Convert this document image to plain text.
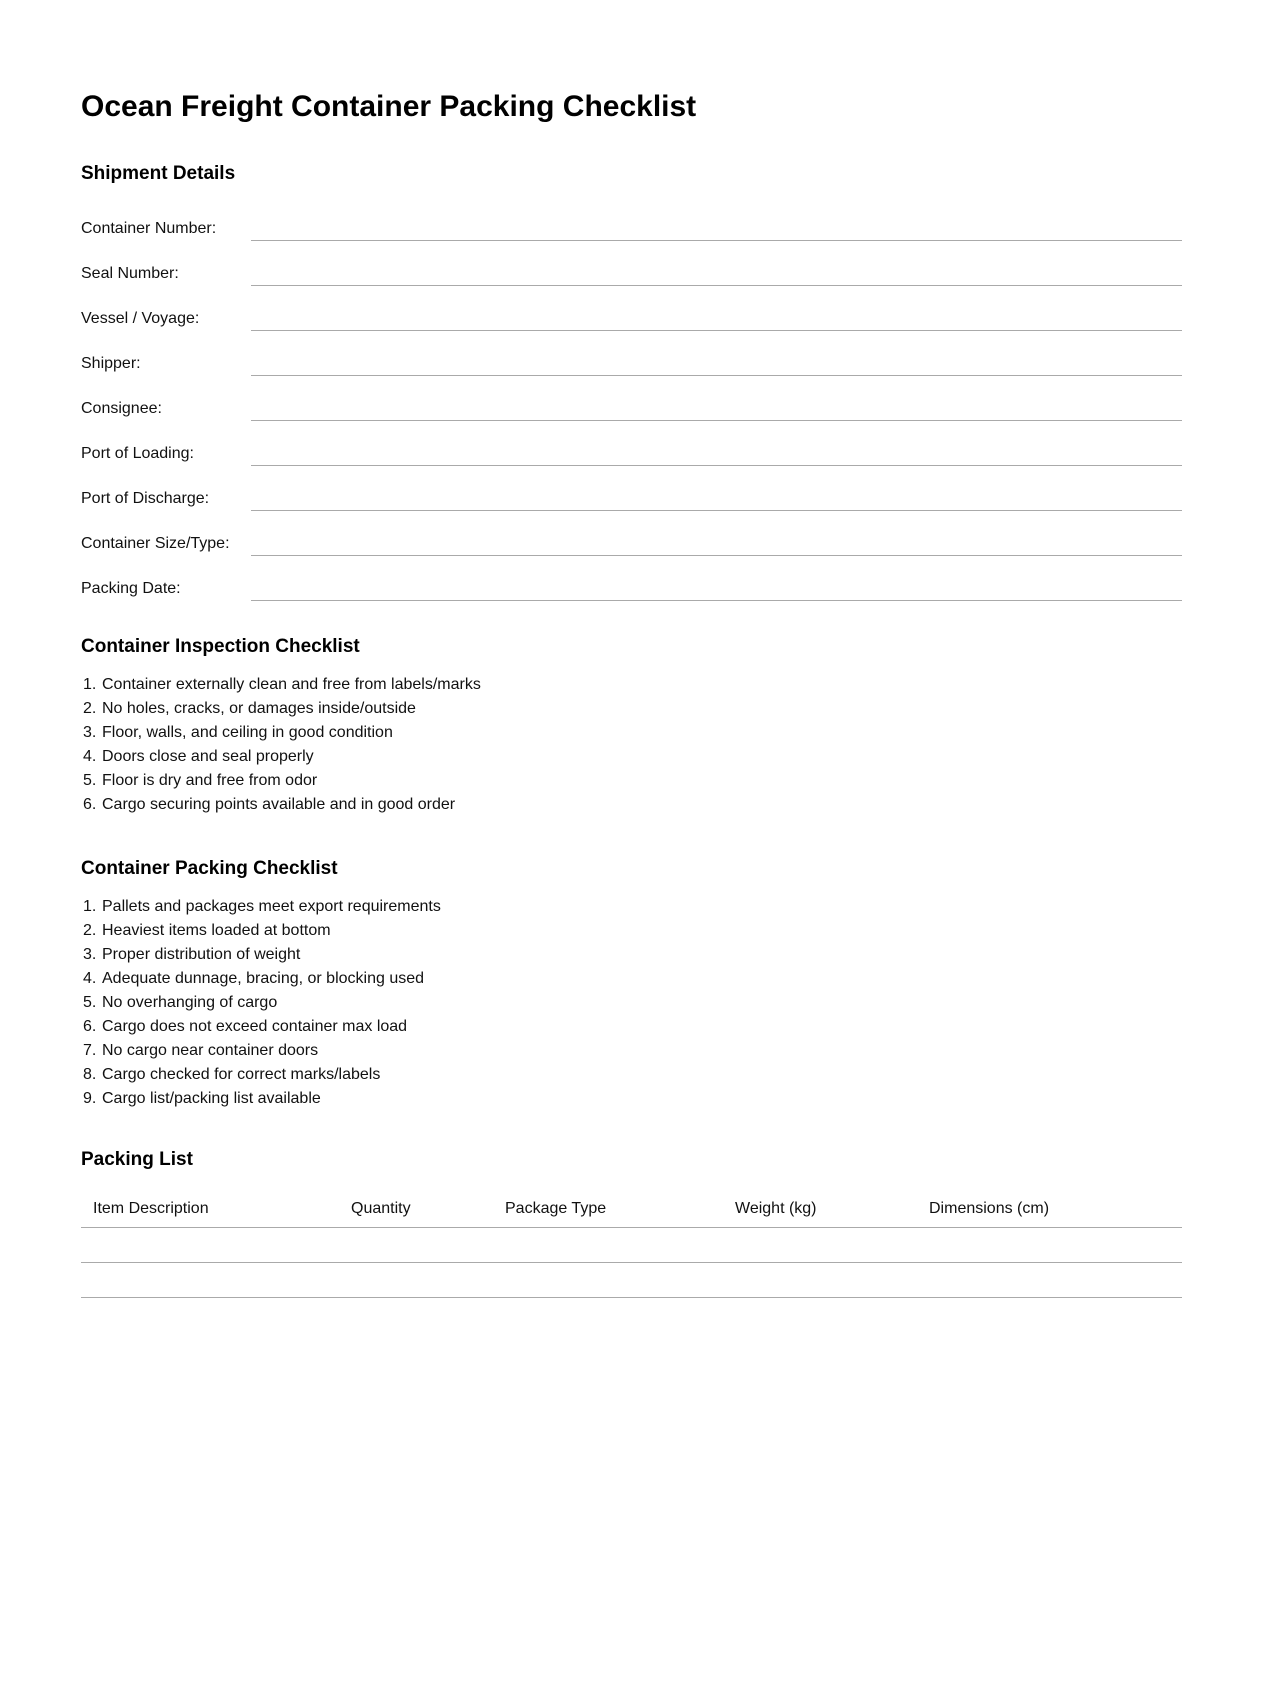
Ocean Freight Container Packing Checklist
Shipment Details
Container Number:
Seal Number:
Vessel / Voyage:
Shipper:
Consignee:
Port of Loading:
Port of Discharge:
Container Size/Type:
Packing Date:
Container Inspection Checklist
1. Container externally clean and free from labels/marks
2. No holes, cracks, or damages inside/outside
3. Floor, walls, and ceiling in good condition
4. Doors close and seal properly
5. Floor is dry and free from odor
6. Cargo securing points available and in good order
Container Packing Checklist
1. Pallets and packages meet export requirements
2. Heaviest items loaded at bottom
3. Proper distribution of weight
4. Adequate dunnage, bracing, or blocking used
5. No overhanging of cargo
6. Cargo does not exceed container max load
7. No cargo near container doors
8. Cargo checked for correct marks/labels
9. Cargo list/packing list available
Packing List
Item Description	Quantity	Package Type	Weight (kg)	Dimensions (cm)
